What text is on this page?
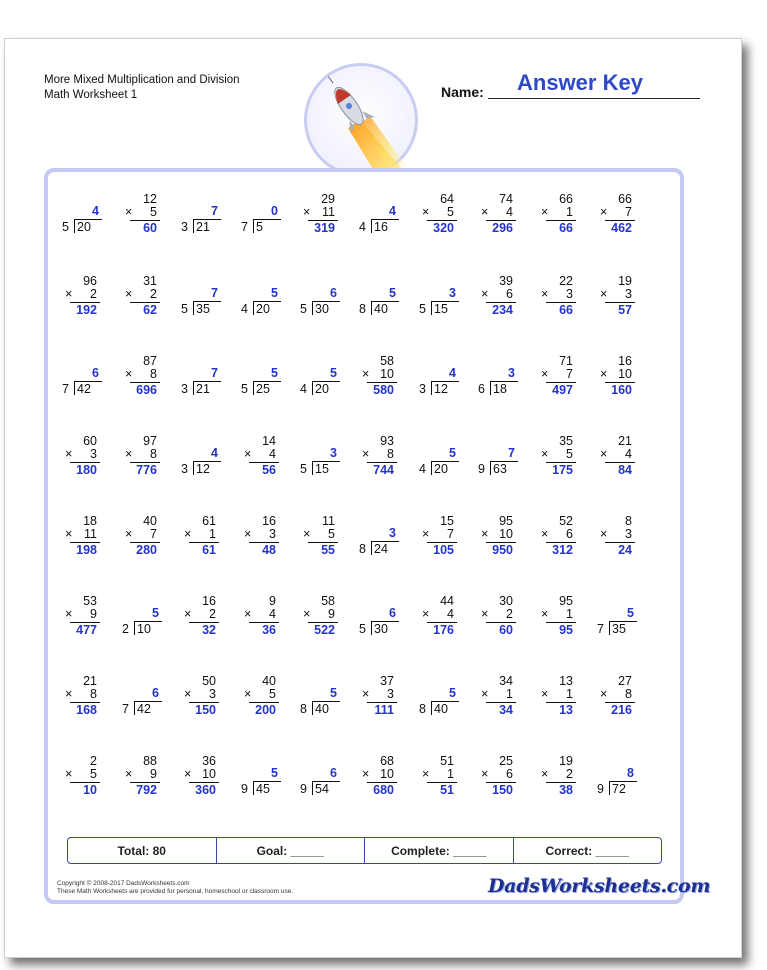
More Mixed Multiplication and Division
Math Worksheet 1	Name: Answer Key
4
5 20
12
× 5
60
7
3 21
0
7 5
29
× 11
319
4
4 16
64
× 5
320
74
× 4
296
66
× 1
66
66
× 7
462
96
× 2
192
31
× 2
62
7
5 35
5
4 20
6
5 30
5
8 40
3
5 15
39
× 6
234
22
× 3
66
19
× 3
57
6
7 42
87
× 8
696
7
3 21
5
5 25
5
4 20
58
× 10
580
4
3 12
3
6 18
71
× 7
497
16
× 10
160
60
× 3
180
97
× 8
776
4
3 12
14
× 4
56
3
5 15
93
× 8
744
5
4 20
7
9 63
35
× 5
175
21
× 4
84
18
× 11
198
40
× 7
280
61
× 1
61
16
× 3
48
11
× 5
55
3
8 24
15
× 7
105
95
× 10
950
52
× 6
312
8
× 3
24
53
× 9
477
5
2 10
16
× 2
32
9
× 4
36
58
× 9
522
6
5 30
44
× 4
176
30
× 2
60
95
× 1
95
5
7 35
21
× 8
168
6
7 42
50
× 3
150
40
× 5
200
5
8 40
37
× 3
111
5
8 40
34
× 1
34
13
× 1
13
27
× 8
216
2
× 5
10
88
× 9
792
36
× 10
360
5
9 45
6
9 54
68
× 10
680
51
× 1
51
25
× 6
150
19
× 2
38
8
9 72
Total: 80	Goal: _____	Complete: _____	Correct: _____
Copyright © 2008-2017 DadsWorksheets.com
These Math Worksheets are provided for personal, homeschool or classroom use.	DadsWorksheets.com
